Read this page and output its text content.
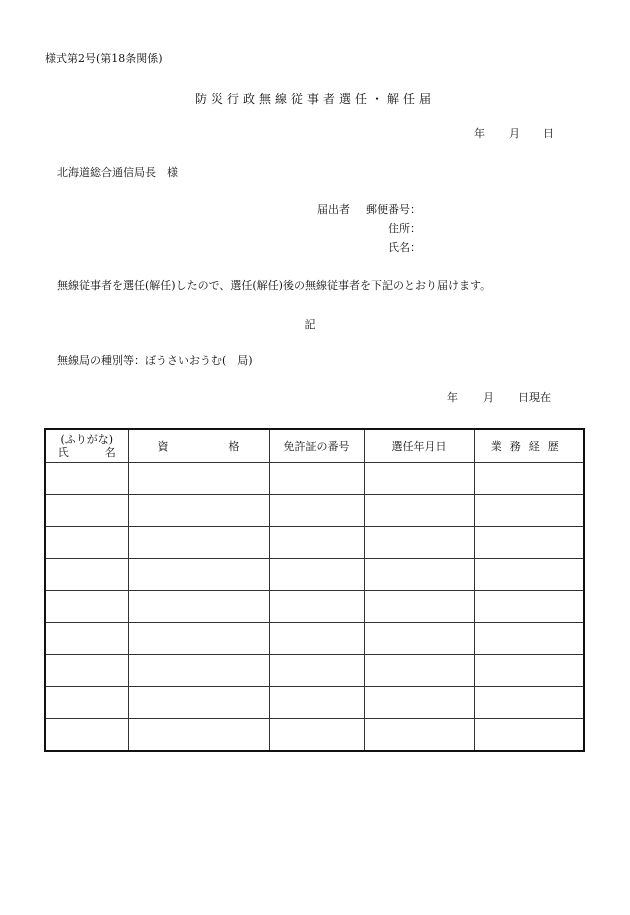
様式第2号(第18条関係)
防災行政無線従事者選任・解任届
年 月 日
北海道総合通信局長　様
届出者	郵便番号：
住所：
氏名：
無線従事者を選任(解任)したので、選任(解任)後の無線従事者を下記のとおり届けます。
記
無線局の種別等：ぼうさいおうむ(　局)
年 月 日現在
(ふりがな)
氏 名	資 格	免許証の番号	選任年月日	業務経歴
